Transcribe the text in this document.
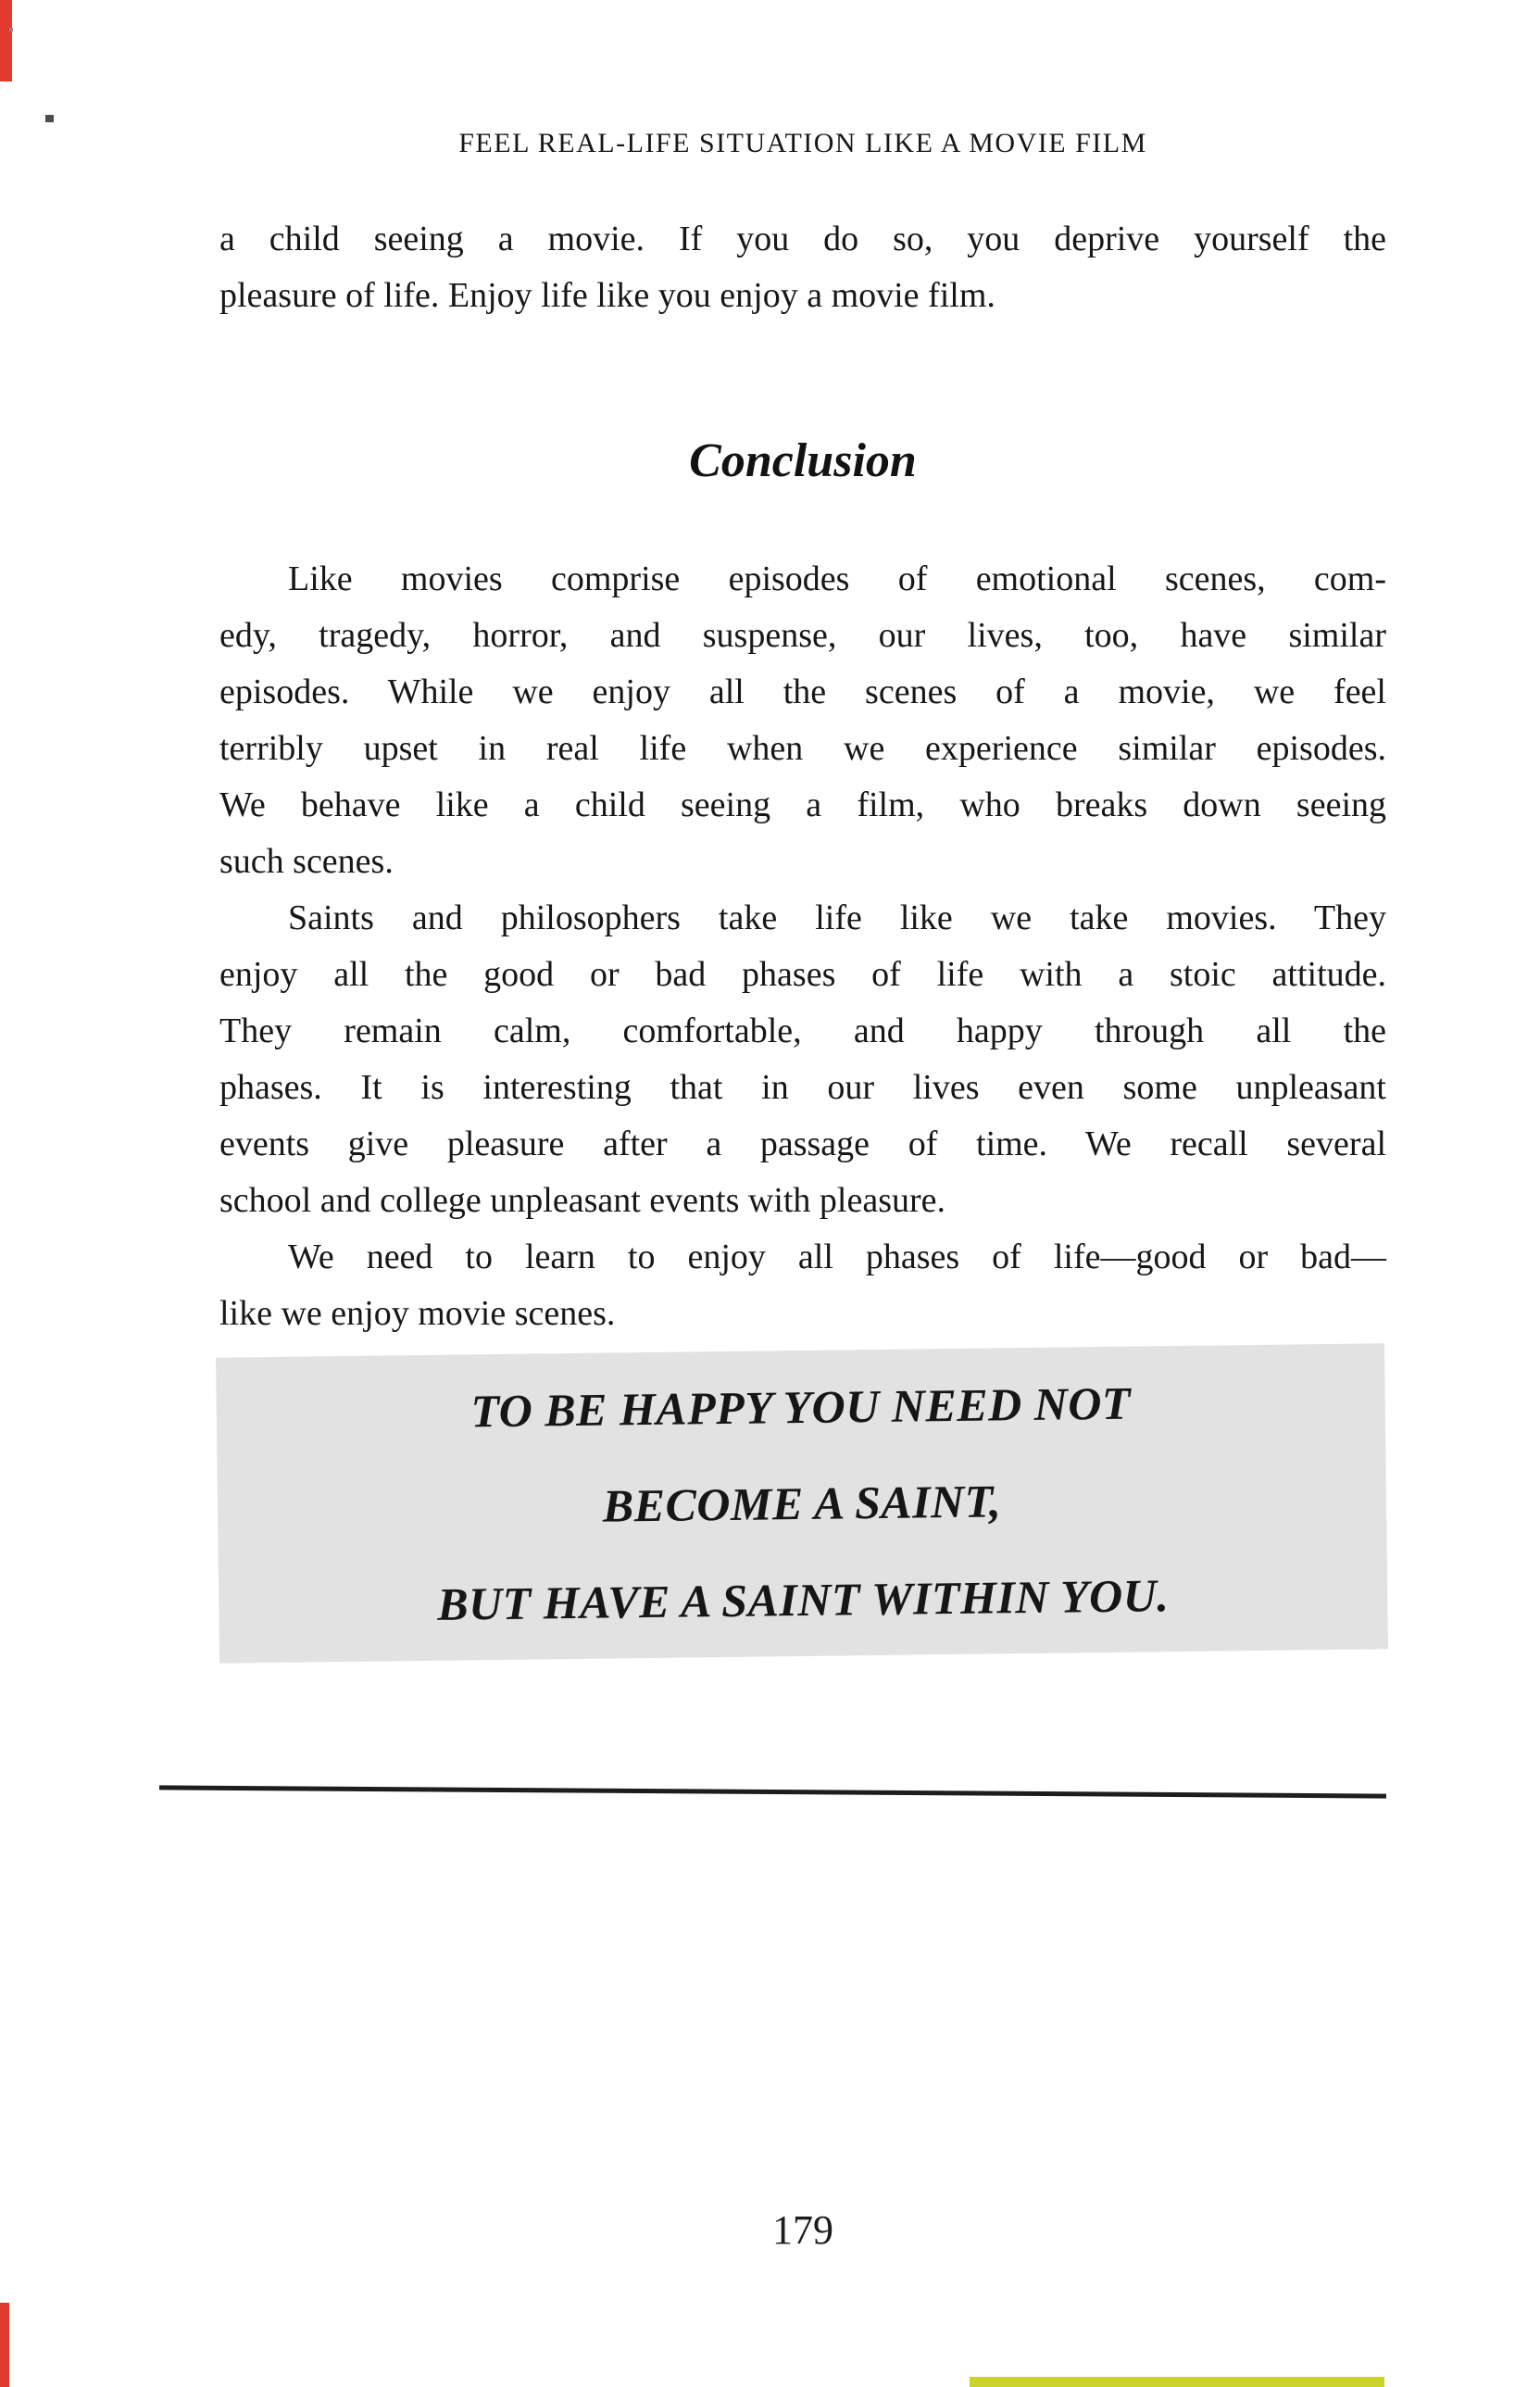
FEEL REAL-LIFE SITUATION LIKE A MOVIE FILM
a child seeing a movie. If you do so, you deprive yourself the
pleasure of life. Enjoy life like you enjoy a movie film.
Conclusion
Like movies comprise episodes of emotional scenes, com-
edy, tragedy, horror, and suspense, our lives, too, have similar
episodes. While we enjoy all the scenes of a movie, we feel
terribly upset in real life when we experience similar episodes.
We behave like a child seeing a film, who breaks down seeing
such scenes.
Saints and philosophers take life like we take movies. They
enjoy all the good or bad phases of life with a stoic attitude.
They remain calm, comfortable, and happy through all the
phases. It is interesting that in our lives even some unpleasant
events give pleasure after a passage of time. We recall several
school and college unpleasant events with pleasure.
We need to learn to enjoy all phases of life—good or bad—
like we enjoy movie scenes.
TO BE HAPPY YOU NEED NOT
BECOME A SAINT,
BUT HAVE A SAINT WITHIN YOU.
179
